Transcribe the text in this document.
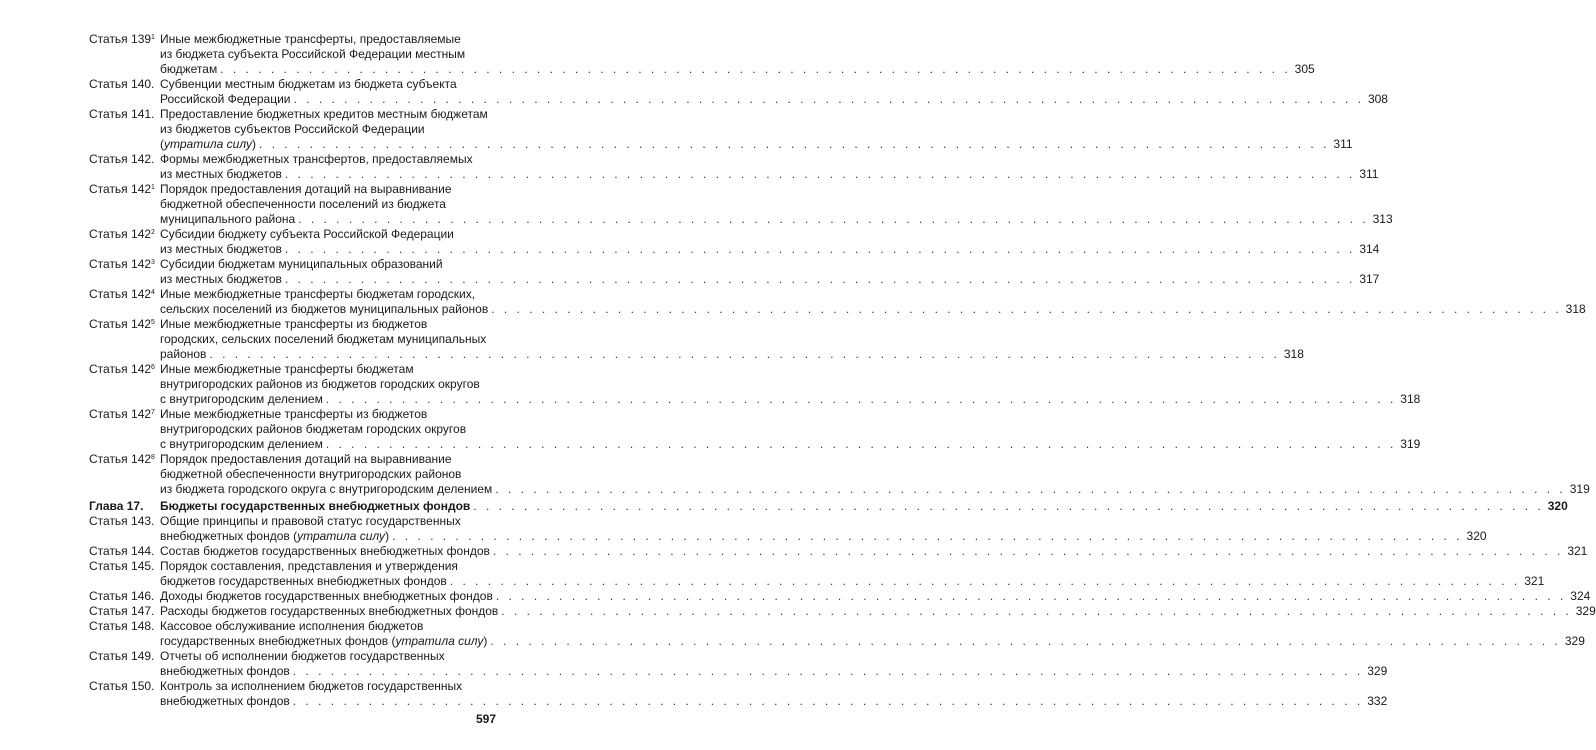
Статья $139^1$ Иные межбюджетные трансферты, предоставляемые
из бюджета субъекта Российской Федерации местным
бюджетам . . .	305
Статья 140. Субвенции местным бюджетам из бюджета субъекта
Российской Федерации . . .	308
Статья 141. Предоставление бюджетных кредитов местным бюджетам
из бюджетов субъектов Российской Федерации
(утратила силу) . . .	311
Статья 142. Формы межбюджетных трансфертов, предоставляемых
из местных бюджетов . . .	311
Статья $142^1$ Порядок предоставления дотаций на выравнивание
бюджетной обеспеченности поселений из бюджета
муниципального района . . .	313
Статья $142^2$ Субсидии бюджету субъекта Российской Федерации
из местных бюджетов . . .	314
Статья $142^3$ Субсидии бюджетам муниципальных образований
из местных бюджетов . . .	317
Статья $142^4$ Иные межбюджетные трансферты бюджетам городских,
сельских поселений из бюджетов муниципальных районов . . .	318
Статья $142^5$ Иные межбюджетные трансферты из бюджетов
городских, сельских поселений бюджетам муниципальных
районов . . .	318
Статья $142^6$ Иные межбюджетные трансферты бюджетам
внутригородских районов из бюджетов городских округов
с внутригородским делением . . .	318
Статья $142^7$ Иные межбюджетные трансферты из бюджетов
внутригородских районов бюджетам городских округов
с внутригородским делением . . .	319
Статья $142^8$ Порядок предоставления дотаций на выравнивание
бюджетной обеспеченности внутригородских районов
из бюджета городского округа с внутригородским делением . . .	319
Глава 17.	Бюджеты государственных внебюджетных фондов . . .	320
Статья 143. Общие принципы и правовой статус государственных
внебюджетных фондов (утратила силу) . . .	320
Статья 144. Состав бюджетов государственных внебюджетных фондов . . .	321
Статья 145. Порядок составления, представления и утверждения
бюджетов государственных внебюджетных фондов . . .	321
Статья 146. Доходы бюджетов государственных внебюджетных фондов . . .	324
Статья 147. Расходы бюджетов государственных внебюджетных фондов . . .	329
Статья 148. Кассовое обслуживание исполнения бюджетов
государственных внебюджетных фондов (утратила силу) . . .	329
Статья 149. Отчеты об исполнении бюджетов государственных
внебюджетных фондов . . .	329
Статья 150. Контроль за исполнением бюджетов государственных
внебюджетных фондов . . .	332
597
